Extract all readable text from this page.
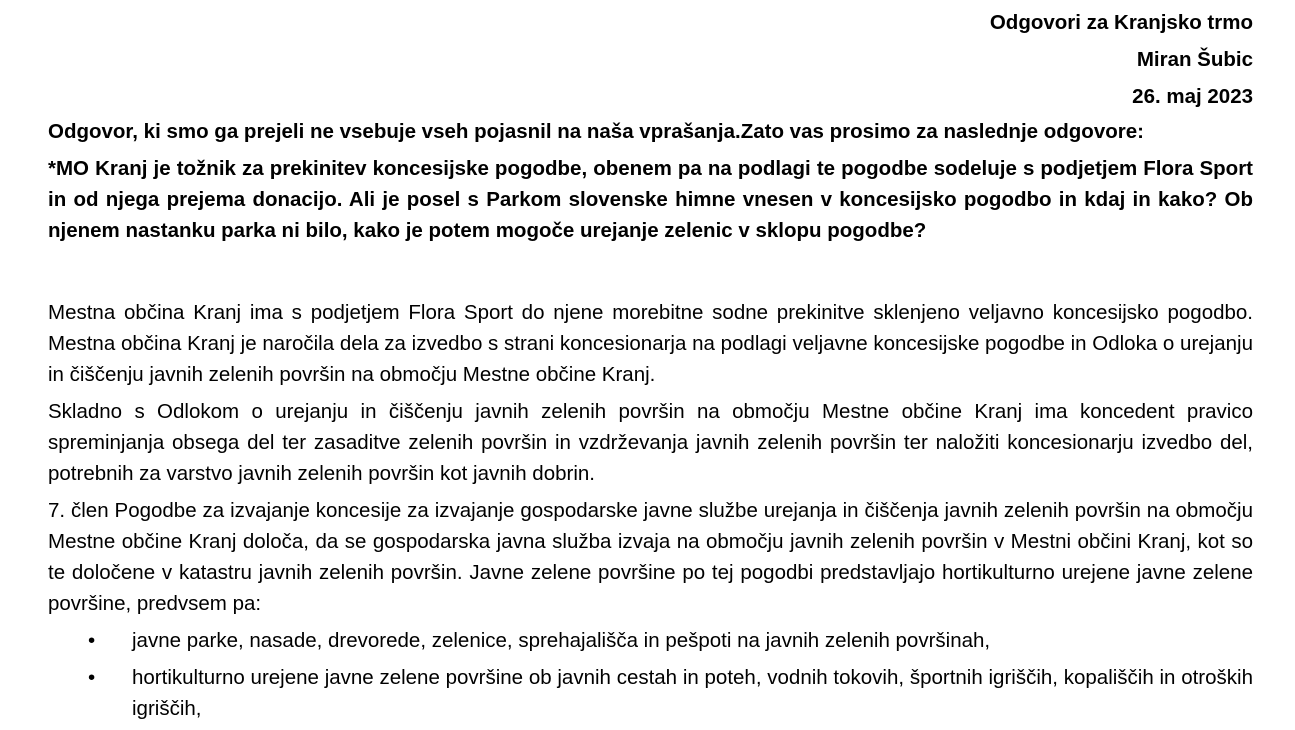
Odgovori za Kranjsko trmo
Miran Šubic
26. maj 2023

Odgovor, ki smo ga prejeli ne vsebuje vseh pojasnil na naša vprašanja.Zato vas prosimo za naslednje odgovore:

*MO Kranj je tožnik za prekinitev koncesijske pogodbe, obenem pa na podlagi te pogodbe sodeluje s podjetjem Flora Sport in od njega prejema donacijo. Ali je posel s Parkom slovenske himne vnesen v koncesijsko pogodbo in kdaj in kako? Ob njenem nastanku parka ni bilo, kako je potem mogoče urejanje zelenic v sklopu pogodbe?

Mestna občina Kranj ima s podjetjem Flora Sport do njene morebitne sodne prekinitve sklenjeno veljavno koncesijsko pogodbo. Mestna občina Kranj je naročila dela za izvedbo s strani koncesionarja na podlagi veljavne koncesijske pogodbe in Odloka o urejanju in čiščenju javnih zelenih površin na območju Mestne občine Kranj.

Skladno s Odlokom o urejanju in čiščenju javnih zelenih površin na območju Mestne občine Kranj ima koncedent pravico spreminjanja obsega del ter zasaditve zelenih površin in vzdrževanja javnih zelenih površin ter naložiti koncesionarju izvedbo del, potrebnih za varstvo javnih zelenih površin kot javnih dobrin.

7. člen Pogodbe za izvajanje koncesije za izvajanje gospodarske javne službe urejanja in čiščenja javnih zelenih površin na območju Mestne občine Kranj določa, da se gospodarska javna služba izvaja na območju javnih zelenih površin v Mestni občini Kranj, kot so te določene v katastru javnih zelenih površin. Javne zelene površine po tej pogodbi predstavljajo hortikulturno urejene javne zelene površine, predvsem pa:

• javne parke, nasade, drevorede, zelenice, sprehajališča in pešpoti na javnih zelenih površinah,
• hortikulturno urejene javne zelene površine ob javnih cestah in poteh, vodnih tokovih, športnih igriščih, kopališčih in otroških igriščih,
